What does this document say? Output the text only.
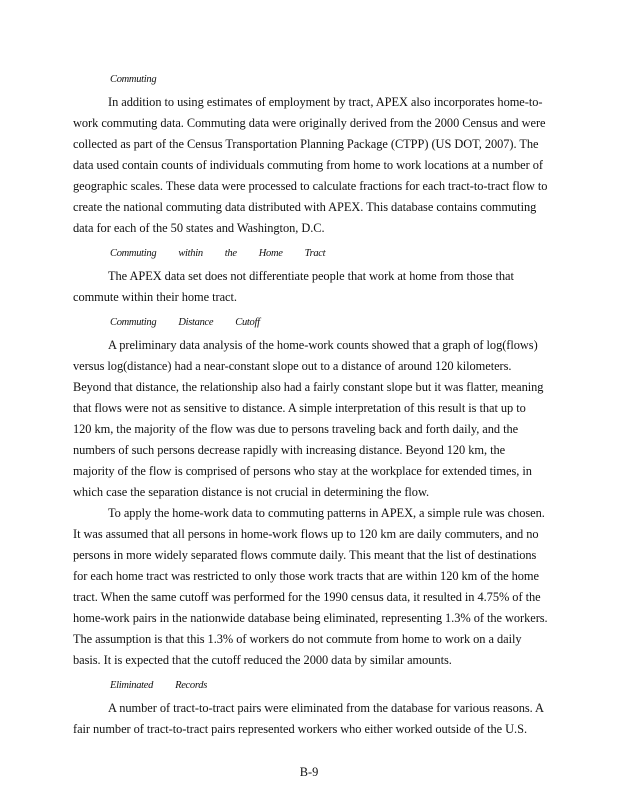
Commuting
In addition to using estimates of employment by tract, APEX also incorporates home-to-
work commuting data. Commuting data were originally derived from the 2000 Census and were
collected as part of the Census Transportation Planning Package (CTPP) (US DOT, 2007). The
data used contain counts of individuals commuting from home to work locations at a number of
geographic scales. These data were processed to calculate fractions for each tract-to-tract flow to
create the national commuting data distributed with APEX. This database contains commuting
data for each of the 50 states and Washington, D.C.
Commuting within the Home Tract
The APEX data set does not differentiate people that work at home from those that
commute within their home tract.
Commuting Distance Cutoff
A preliminary data analysis of the home-work counts showed that a graph of log(flows)
versus log(distance) had a near-constant slope out to a distance of around 120 kilometers.
Beyond that distance, the relationship also had a fairly constant slope but it was flatter, meaning
that flows were not as sensitive to distance. A simple interpretation of this result is that up to
120 km, the majority of the flow was due to persons traveling back and forth daily, and the
numbers of such persons decrease rapidly with increasing distance. Beyond 120 km, the
majority of the flow is comprised of persons who stay at the workplace for extended times, in
which case the separation distance is not crucial in determining the flow.
To apply the home-work data to commuting patterns in APEX, a simple rule was chosen.
It was assumed that all persons in home-work flows up to 120 km are daily commuters, and no
persons in more widely separated flows commute daily. This meant that the list of destinations
for each home tract was restricted to only those work tracts that are within 120 km of the home
tract. When the same cutoff was performed for the 1990 census data, it resulted in 4.75% of the
home-work pairs in the nationwide database being eliminated, representing 1.3% of the workers.
The assumption is that this 1.3% of workers do not commute from home to work on a daily
basis. It is expected that the cutoff reduced the 2000 data by similar amounts.
Eliminated Records
A number of tract-to-tract pairs were eliminated from the database for various reasons. A
fair number of tract-to-tract pairs represented workers who either worked outside of the U.S.
B-9
